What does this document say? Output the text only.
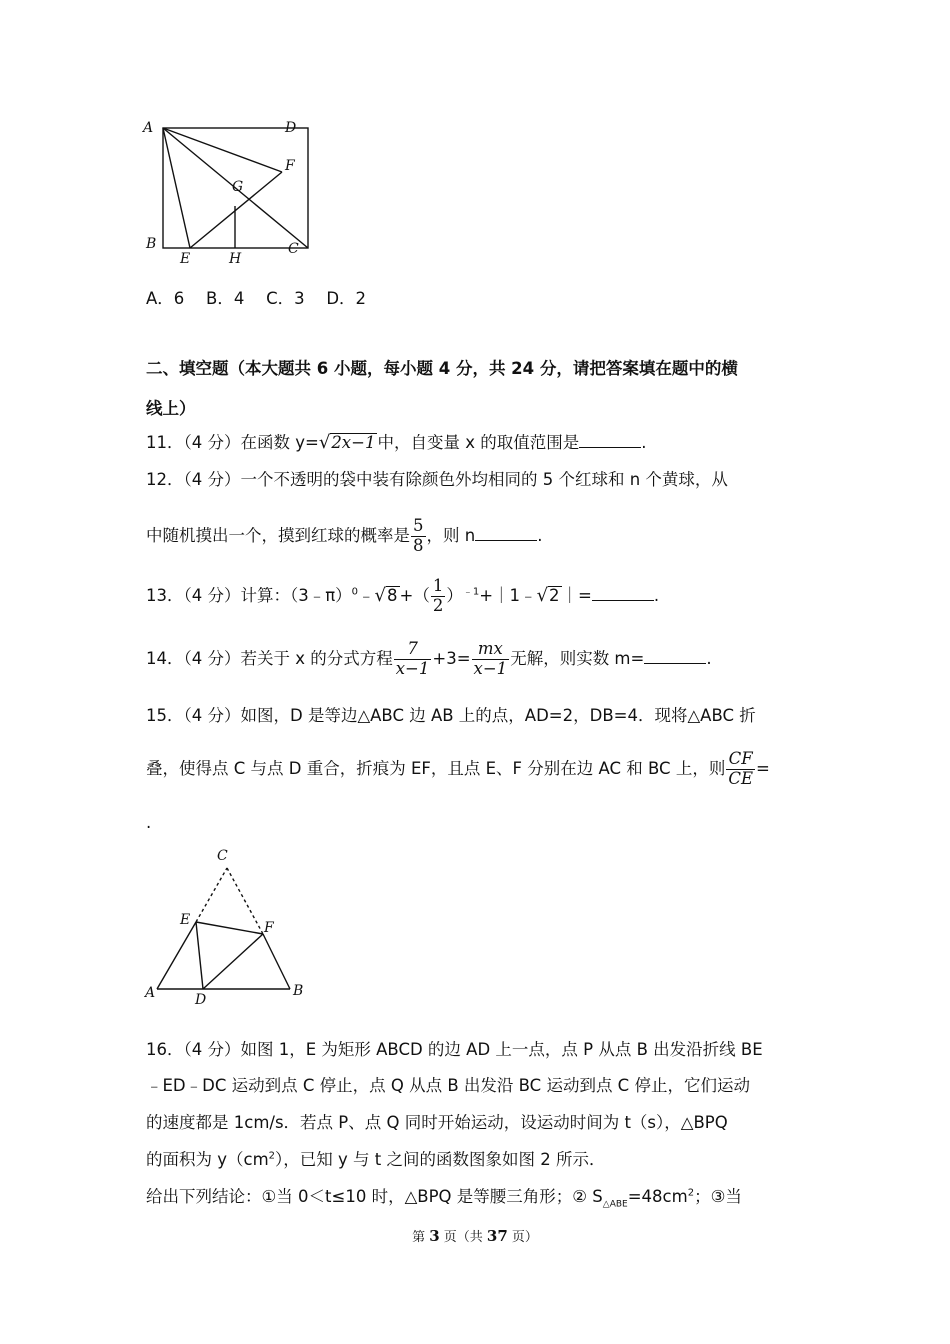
A	D
F
G
B
E	H
C
A．6　 B．4　 C．3　 D．2
二、填空题（本大题共 6 小题，每小题 4 分，共 24 分，请把答案填在题中的横
线上）
11．（4 分）在函数 y=√2x−1 中，自变量 x 的取值范围是	.
12．（4 分）一个不透明的袋中装有除颜色外均相同的 5 个红球和 n 个黄球，从
中随机摸出一个，摸到红球的概率是 $\frac{5}{8}$ ，则 n	.
13．（4 分）计算：（3﹣π）$^0$﹣√8 +（ $\frac{1}{2}$ ）$^{﹣1}$+｜1﹣√2 ｜=	.
14．（4 分）若关于 x 的分式方程 $\frac{7}{x-1} +3= \frac{mx}{x-1}$ 无解，则实数 m=	.
15．（4 分）如图，D 是等边△ABC 边 AB 上的点，AD=2，DB=4．现将△ABC 折
叠，使得点 C 与点 D 重合，折痕为 EF，且点 E、F 分别在边 AC 和 BC 上，则 $\frac{CF}{CE}$ =
.
C
E	F
A	D
B
16．（4 分）如图 1，E 为矩形 ABCD 的边 AD 上一点，点 P 从点 B 出发沿折线 BE
﹣ED﹣DC 运动到点 C 停止，点 Q 从点 B 出发沿 BC 运动到点 C 停止，它们运动
的速度都是 1cm/s．若点 P、点 Q 同时开始运动，设运动时间为 t（s），△BPQ
的面积为 $y(cm^2)$，已知 y 与 t 之间的函数图象如图 2 所示．
给出下列结论：①当 0＜t≤10 时，△BPQ 是等腰三角形；② $S_{\triangle ABE}=48cm^2$；③当
第 3 页（共 37 页）
